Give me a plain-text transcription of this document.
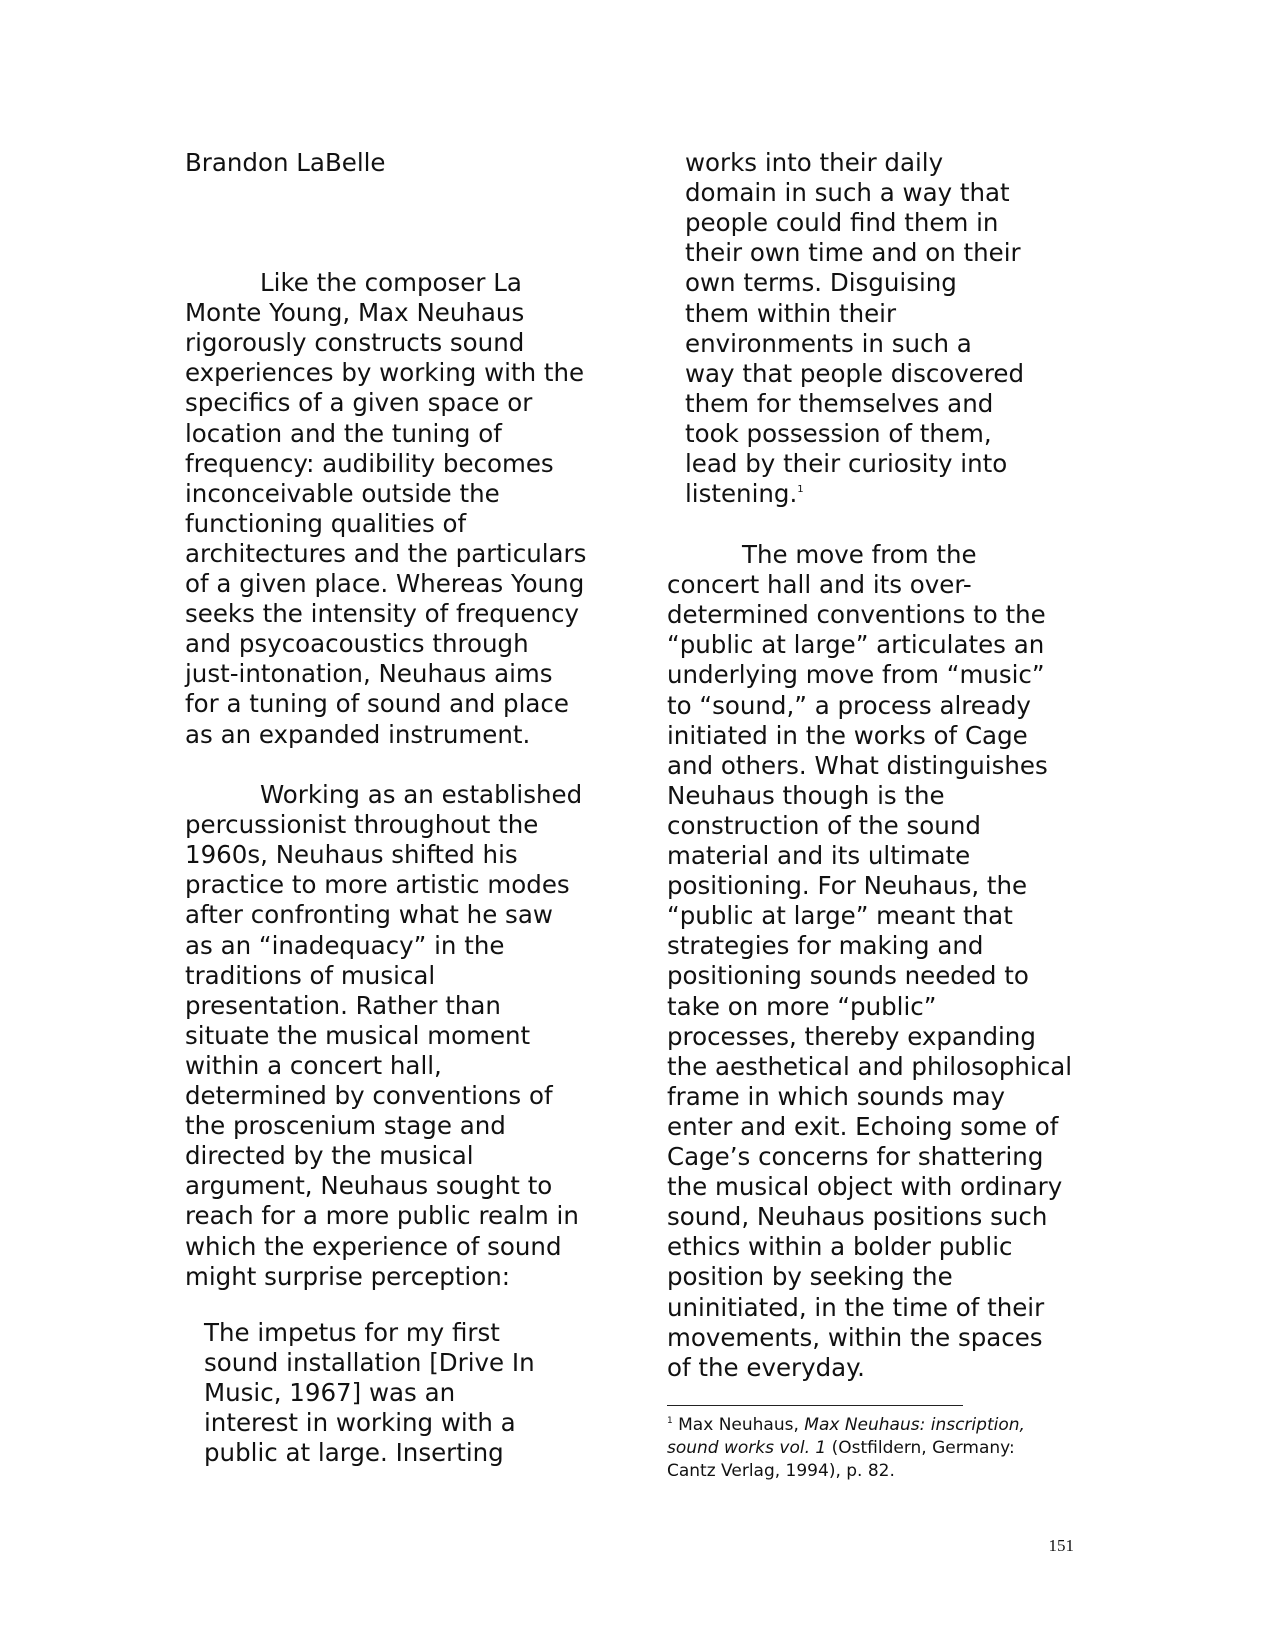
Brandon LaBelle
Like the composer La
Monte Young, Max Neuhaus
rigorously constructs sound
experiences by working with the
specifics of a given space or
location and the tuning of
frequency: audibility becomes
inconceivable outside the
functioning qualities of
architectures and the particulars
of a given place. Whereas Young
seeks the intensity of frequency
and psycoacoustics through
just-intonation, Neuhaus aims
for a tuning of sound and place
as an expanded instrument.
Working as an established
percussionist throughout the
1960s, Neuhaus shifted his
practice to more artistic modes
after confronting what he saw
as an “inadequacy” in the
traditions of musical
presentation. Rather than
situate the musical moment
within a concert hall,
determined by conventions of
the proscenium stage and
directed by the musical
argument, Neuhaus sought to
reach for a more public realm in
which the experience of sound
might surprise perception:
The impetus for my first
sound installation [Drive In
Music, 1967] was an
interest in working with a
public at large. Inserting
works into their daily
domain in such a way that
people could find them in
their own time and on their
own terms. Disguising
them within their
environments in such a
way that people discovered
them for themselves and
took possession of them,
lead by their curiosity into
listening.$^1$
The move from the
concert hall and its over-
determined conventions to the
“public at large” articulates an
underlying move from “music”
to “sound,” a process already
initiated in the works of Cage
and others. What distinguishes
Neuhaus though is the
construction of the sound
material and its ultimate
positioning. For Neuhaus, the
“public at large” meant that
strategies for making and
positioning sounds needed to
take on more “public”
processes, thereby expanding
the aesthetical and philosophical
frame in which sounds may
enter and exit. Echoing some of
Cage’s concerns for shattering
the musical object with ordinary
sound, Neuhaus positions such
ethics within a bolder public
position by seeking the
uninitiated, in the time of their
movements, within the spaces
of the everyday.
$^1$ Max Neuhaus, Max Neuhaus: inscription,
sound works vol. 1 (Ostfildern, Germany:
Cantz Verlag, 1994), p. 82.
151
